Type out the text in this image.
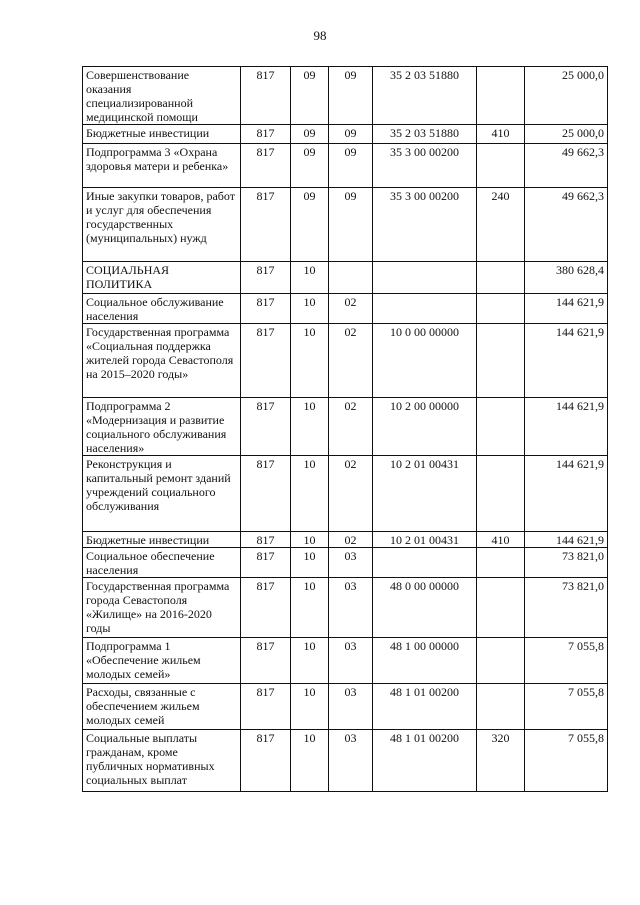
98
Совершенствование оказания специализированной медицинской помощи	817	09	09	35 2 03 51880		25 000,0
Бюджетные инвестиции	817	09	09	35 2 03 51880	410	25 000,0
Подпрограмма 3 «Охрана здоровья матери и ребенка»	817	09	09	35 3 00 00200		49 662,3
Иные закупки товаров, работ и услуг для обеспечения государственных (муниципальных) нужд	817	09	09	35 3 00 00200	240	49 662,3
СОЦИАЛЬНАЯ ПОЛИТИКА	817	10				380 628,4
Социальное обслуживание населения	817	10	02			144 621,9
Государственная программа «Социальная поддержка жителей города Севастополя на 2015–2020 годы»	817	10	02	10 0 00 00000		144 621,9
Подпрограмма 2 «Модернизация и развитие социального обслуживания населения»	817	10	02	10 2 00 00000		144 621,9
Реконструкция и капитальный ремонт зданий учреждений социального обслуживания	817	10	02	10 2 01 00431		144 621,9
Бюджетные инвестиции	817	10	02	10 2 01 00431	410	144 621,9
Социальное обеспечение населения	817	10	03			73 821,0
Государственная программа города Севастополя «Жилище» на 2016-2020 годы	817	10	03	48 0 00 00000		73 821,0
Подпрограмма 1 «Обеспечение жильем молодых семей»	817	10	03	48 1 00 00000		7 055,8
Расходы, связанные с обеспечением жильем молодых семей	817	10	03	48 1 01 00200		7 055,8
Социальные выплаты гражданам, кроме публичных нормативных социальных выплат	817	10	03	48 1 01 00200	320	7 055,8
